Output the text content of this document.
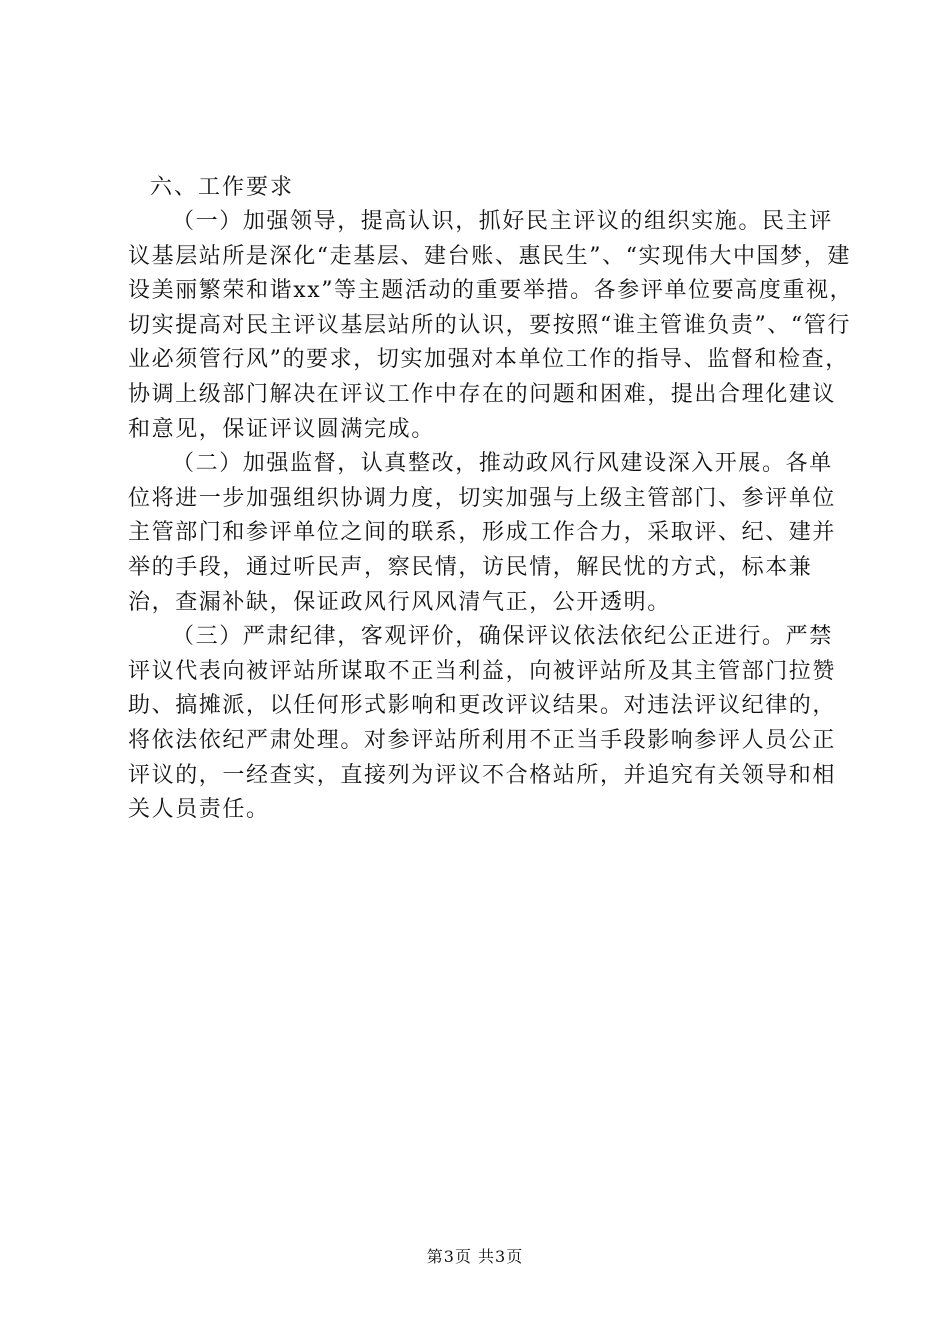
六、工作要求

（一）加强领导，提高认识，抓好民主评议的组织实施。民主评议基层站所是深化“走基层、建台账、惠民生”、“实现伟大中国梦，建设美丽繁荣和谐xx”等主题活动的重要举措。各参评单位要高度重视，切实提高对民主评议基层站所的认识，要按照“谁主管谁负责”、“管行业必须管行风”的要求，切实加强对本单位工作的指导、监督和检查，协调上级部门解决在评议工作中存在的问题和困难，提出合理化建议和意见，保证评议圆满完成。

（二）加强监督，认真整改，推动政风行风建设深入开展。各单位将进一步加强组织协调力度，切实加强与上级主管部门、参评单位主管部门和参评单位之间的联系，形成工作合力，采取评、纪、建并举的手段，通过听民声，察民情，访民情，解民忧的方式，标本兼治，查漏补缺，保证政风行风风清气正，公开透明。

（三）严肃纪律，客观评价，确保评议依法依纪公正进行。严禁评议代表向被评站所谋取不正当利益，向被评站所及其主管部门拉赞助、搞摊派，以任何形式影响和更改评议结果。对违法评议纪律的，将依法依纪严肃处理。对参评站所利用不正当手段影响参评人员公正评议的，一经查实，直接列为评议不合格站所，并追究有关领导和相关人员责任。

第3页 共3页
